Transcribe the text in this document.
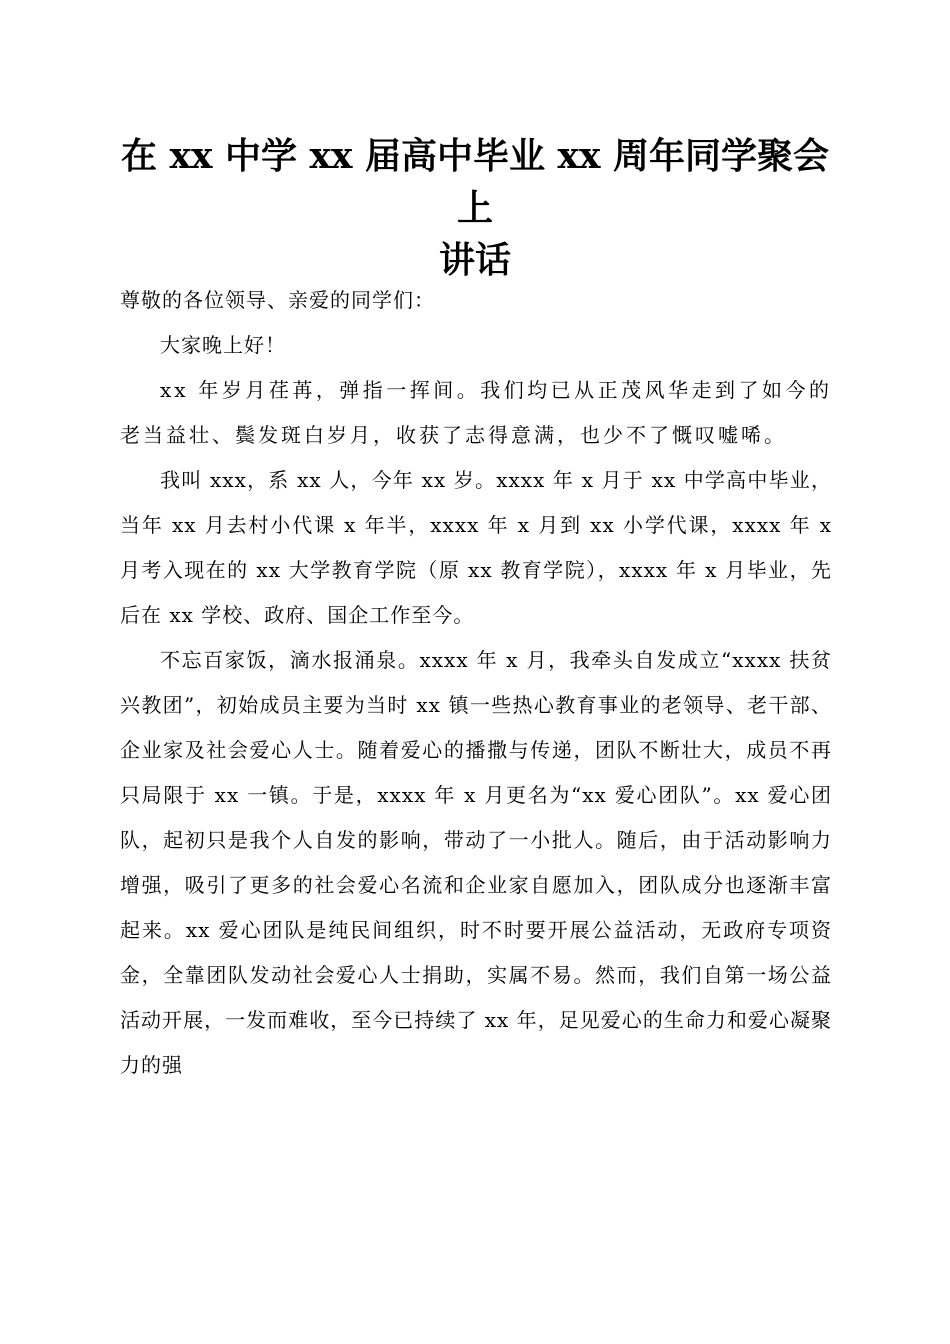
在 xx 中学 xx 届高中毕业 xx 周年同学聚会上
讲话

尊敬的各位领导、亲爱的同学们：

大家晚上好！

xx 年岁月荏苒，弹指一挥间。我们均已从正茂风华走到了如今的老当益壮、鬓发斑白岁月，收获了志得意满，也少不了慨叹嘘唏。

我叫 xxx，系 xx 人，今年 xx 岁。xxxx 年 x 月于 xx 中学高中毕业，当年 xx 月去村小代课 x 年半，xxxx 年 x 月到 xx 小学代课，xxxx 年 x 月考入现在的 xx 大学教育学院（原 xx 教育学院），xxxx 年 x 月毕业，先后在 xx 学校、政府、国企工作至今。

不忘百家饭，滴水报涌泉。xxxx 年 x 月，我牵头自发成立“xxxx 扶贫兴教团”，初始成员主要为当时 xx 镇一些热心教育事业的老领导、老干部、企业家及社会爱心人士。随着爱心的播撒与传递，团队不断壮大，成员不再只局限于 xx 一镇。于是，xxxx 年 x 月更名为“xx 爱心团队”。xx 爱心团队，起初只是我个人自发的影响，带动了一小批人。随后，由于活动影响力增强，吸引了更多的社会爱心名流和企业家自愿加入，团队成分也逐渐丰富起来。xx 爱心团队是纯民间组织，时不时要开展公益活动，无政府专项资金，全靠团队发动社会爱心人士捐助，实属不易。然而，我们自第一场公益活动开展，一发而难收，至今已持续了 xx 年，足见爱心的生命力和爱心凝聚力的强
